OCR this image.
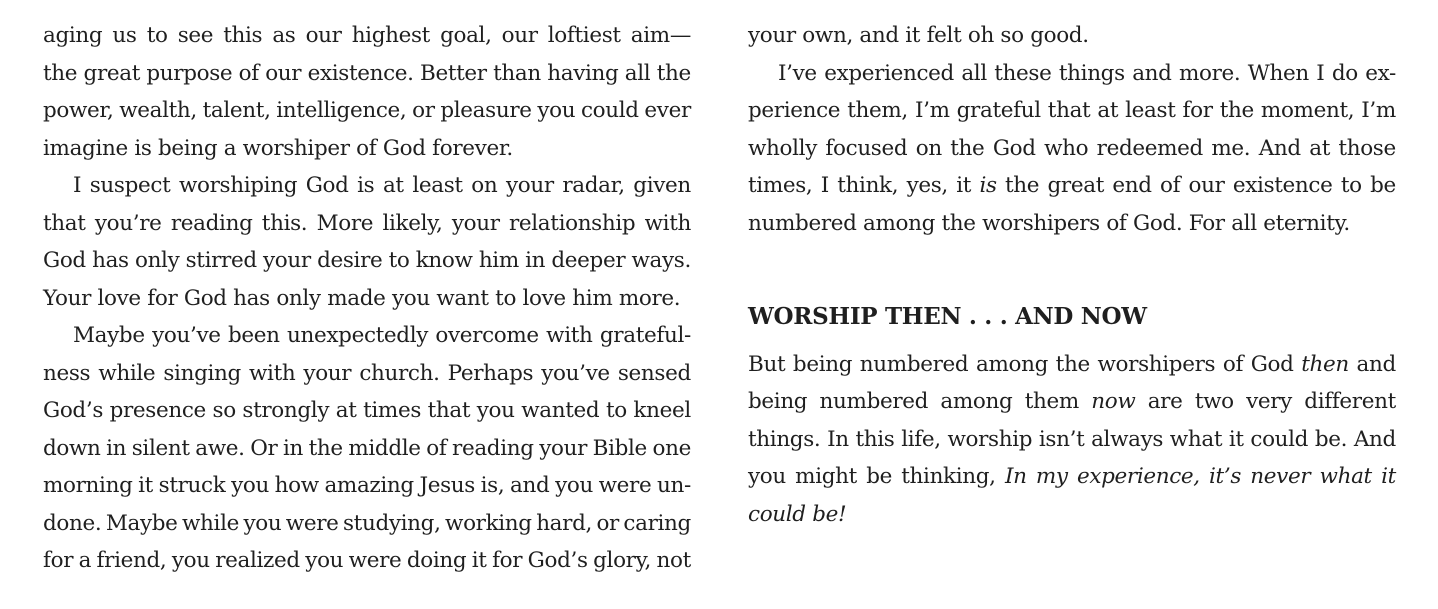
aging us to see this as our highest goal, our loftiest aim—
the great purpose of our existence. Better than having all the
power, wealth, talent, intelligence, or pleasure you could ever
imagine is being a worshiper of God forever.
I suspect worshiping God is at least on your radar, given
that you’re reading this. More likely, your relationship with
God has only stirred your desire to know him in deeper ways.
Your love for God has only made you want to love him more.
Maybe you’ve been unexpectedly overcome with grateful-
ness while singing with your church. Perhaps you’ve sensed
God’s presence so strongly at times that you wanted to kneel
down in silent awe. Or in the middle of reading your Bible one
morning it struck you how amazing Jesus is, and you were un-
done. Maybe while you were studying, working hard, or caring
for a friend, you realized you were doing it for God’s glory, not
your own, and it felt oh so good.
I’ve experienced all these things and more. When I do ex-
perience them, I’m grateful that at least for the moment, I’m
wholly focused on the God who redeemed me. And at those
times, I think, yes, it is the great end of our existence to be
numbered among the worshipers of God. For all eternity.
WORSHIP THEN . . . AND NOW
But being numbered among the worshipers of God then and
being numbered among them now are two very different
things. In this life, worship isn’t always what it could be. And
you might be thinking, In my experience, it’s never what it
could be!
